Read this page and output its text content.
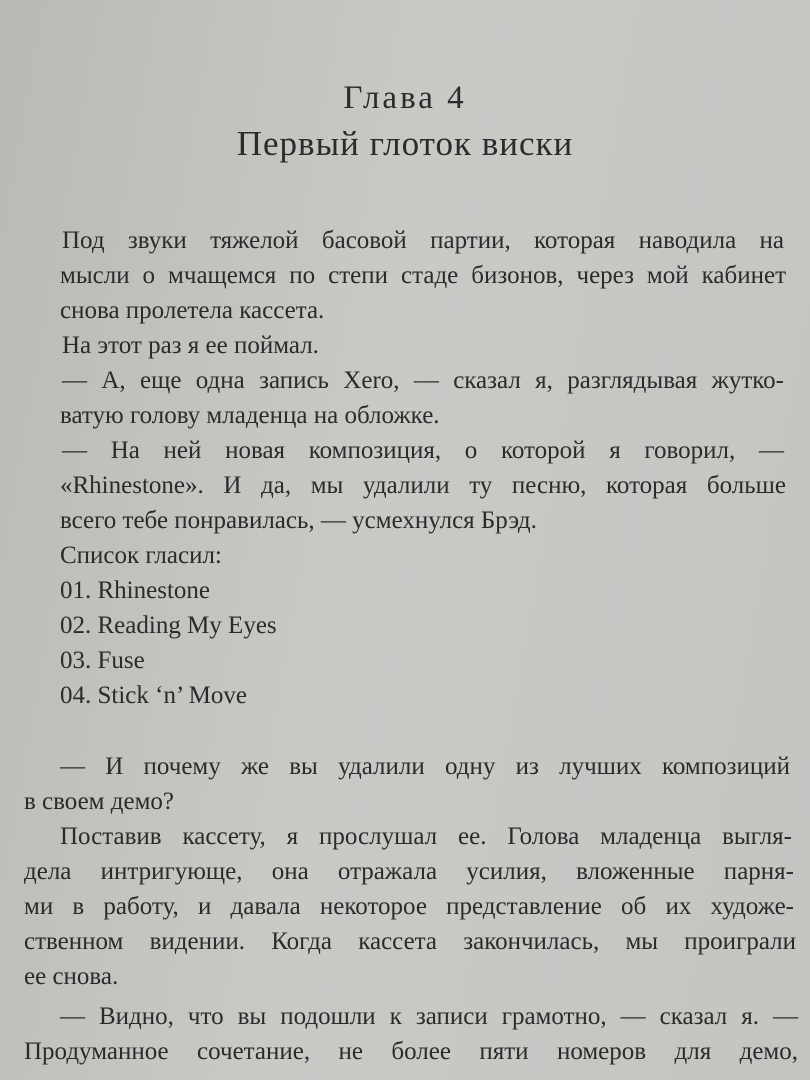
Глава 4
Первый глоток виски
Под звуки тяжелой басовой партии, которая наводила на
мысли о мчащемся по степи стаде бизонов, через мой кабинет
снова пролетела кассета.
На этот раз я ее поймал.
— А, еще одна запись Xero, — сказал я, разглядывая жутко-
ватую голову младенца на обложке.
— На ней новая композиция, о которой я говорил, —
«Rhinestone». И да, мы удалили ту песню, которая больше
всего тебе понравилась, — усмехнулся Брэд.
Список гласил:
01. Rhinestone
02. Reading My Eyes
03. Fuse
04. Stick ‘n’ Move
— И почему же вы удалили одну из лучших композиций
в своем демо?
Поставив кассету, я прослушал ее. Голова младенца выгля-
дела интригующе, она отражала усилия, вложенные парня-
ми в работу, и давала некоторое представление об их художе-
ственном видении. Когда кассета закончилась, мы проиграли
ее снова.
— Видно, что вы подошли к записи грамотно, — сказал я. —
Продуманное сочетание, не более пяти номеров для демо,
